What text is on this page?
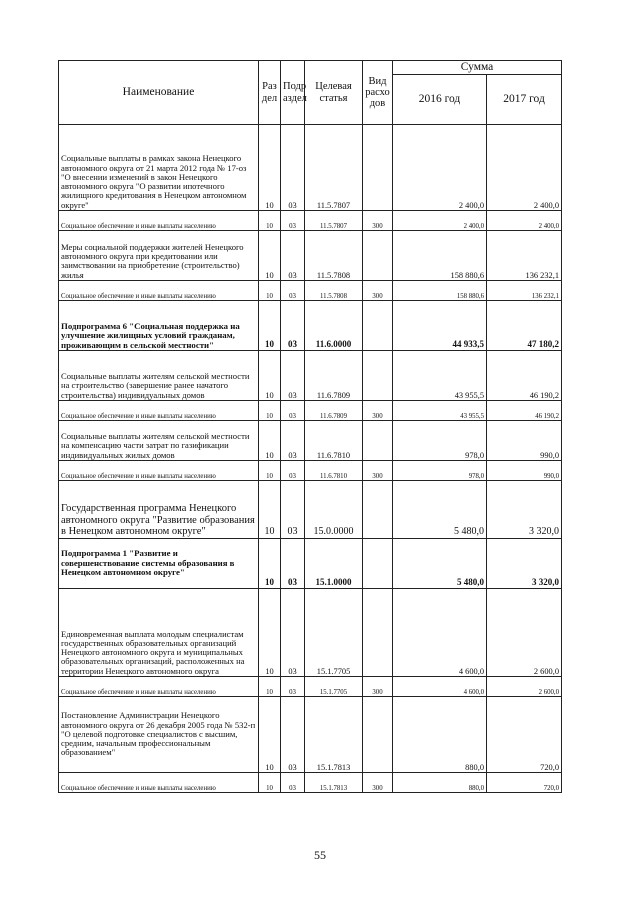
Наименование	Раз дел	Подр аздел	Целевая статья	Вид расхо дов	Сумма	
					2016 год	2017 год
Социальные выплаты в рамках закона Ненецкого автономного округа от 21 марта 2012 года № 17-оз "О внесении изменений в закон Ненецкого автономного округа "О развитии ипотечного жилищного кредитования в Ненецком автономном округе"	10	03	11.5.7807		2 400,0	2 400,0
Социальное обеспечение и иные выплаты населению	10	03	11.5.7807	300	2 400,0	2 400,0
Меры социальной поддержки жителей Ненецкого автономного округа при кредитовании или заимствовании на приобретение (строительство) жилья	10	03	11.5.7808		158 880,6	136 232,1
Социальное обеспечение и иные выплаты населению	10	03	11.5.7808	300	158 880,6	136 232,1
Подпрограмма 6 "Социальная поддержка на улучшение жилищных условий гражданам, проживающим в сельской местности"	10	03	11.6.0000		44 933,5	47 180,2
Социальные выплаты жителям сельской местности на строительство (завершение ранее начатого строительства) индивидуальных домов	10	03	11.6.7809		43 955,5	46 190,2
Социальное обеспечение и иные выплаты населению	10	03	11.6.7809	300	43 955,5	46 190,2
Социальные выплаты жителям сельской местности на компенсацию части затрат по газификации индивидуальных жилых домов	10	03	11.6.7810		978,0	990,0
Социальное обеспечение и иные выплаты населению	10	03	11.6.7810	300	978,0	990,0
Государственная программа Ненецкого автономного округа "Развитие образования в Ненецком автономном округе"	10	03	15.0.0000		5 480,0	3 320,0
Подпрограмма 1 "Развитие и совершенствование системы образования в Ненецком автономном округе"	10	03	15.1.0000		5 480,0	3 320,0
Единовременная выплата молодым специалистам государственных образовательных организаций Ненецкого автономного округа и муниципальных образовательных организаций, расположенных на территории Ненецкого автономного округа	10	03	15.1.7705		4 600,0	2 600,0
Социальное обеспечение и иные выплаты населению	10	03	15.1.7705	300	4 600,0	2 600,0
Постановление Администрации Ненецкого автономного округа от 26 декабря 2005 года № 532-п "О целевой подготовке специалистов с высшим, средним, начальным профессиональным образованием"	10	03	15.1.7813		880,0	720,0
Социальное обеспечение и иные выплаты населению	10	03	15.1.7813	300	880,0	720,0
55
